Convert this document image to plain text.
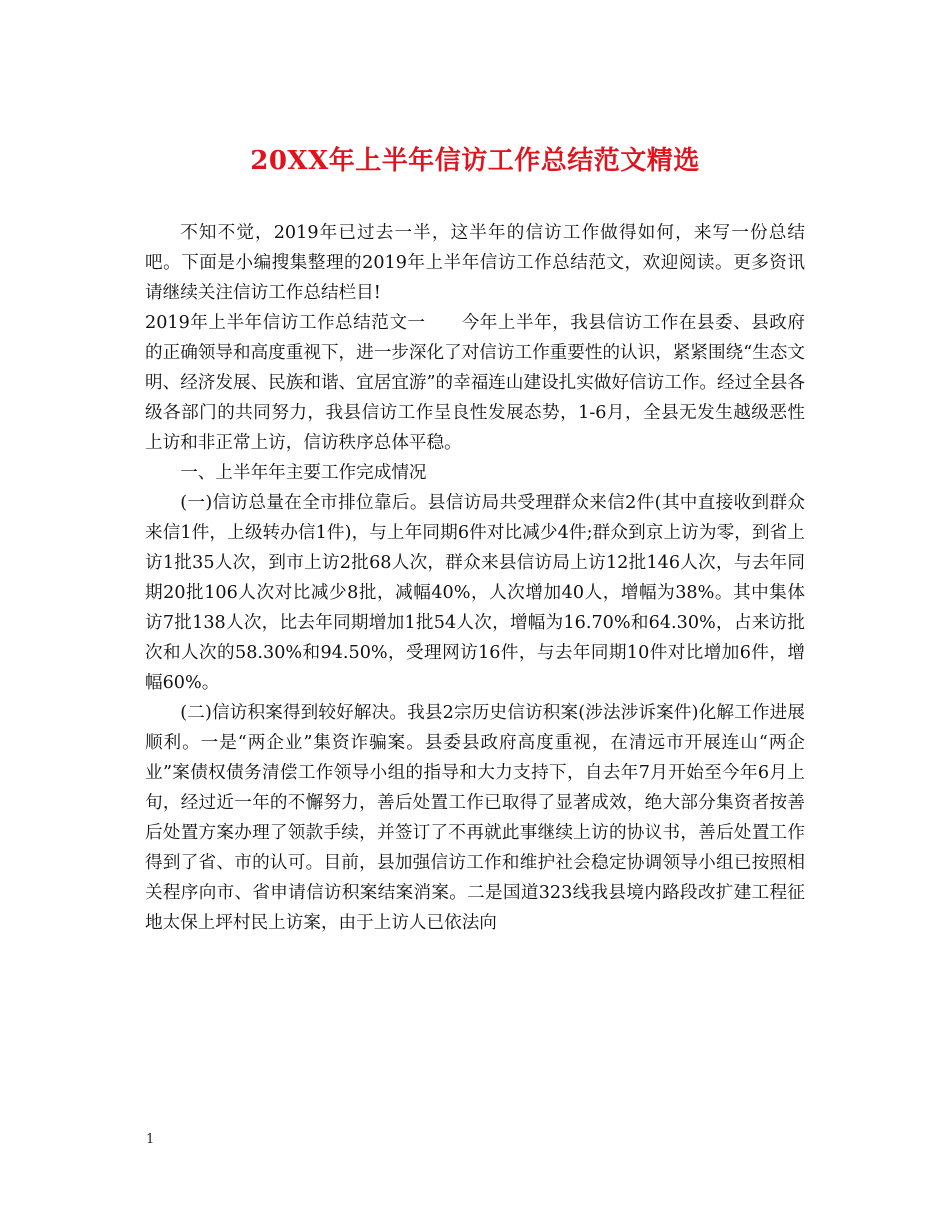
20XX年上半年信访工作总结范文精选

不知不觉，2019年已过去一半，这半年的信访工作做得如何，来写一份总结吧。下面是小编搜集整理的2019年上半年信访工作总结范文，欢迎阅读。更多资讯请继续关注信访工作总结栏目!

2019年上半年信访工作总结范文一　　今年上半年，我县信访工作在县委、县政府的正确领导和高度重视下，进一步深化了对信访工作重要性的认识，紧紧围绕“生态文明、经济发展、民族和谐、宜居宜游”的幸福连山建设扎实做好信访工作。经过全县各级各部门的共同努力，我县信访工作呈良性发展态势，1-6月，全县无发生越级恶性上访和非正常上访，信访秩序总体平稳。

一、上半年年主要工作完成情况

(一)信访总量在全市排位靠后。县信访局共受理群众来信2件(其中直接收到群众来信1件，上级转办信1件)，与上年同期6件对比减少4件;群众到京上访为零，到省上访1批35人次，到市上访2批68人次，群众来县信访局上访12批146人次，与去年同期20批106人次对比减少8批，减幅40%，人次增加40人，增幅为38%。其中集体访7批138人次，比去年同期增加1批54人次，增幅为16.70%和64.30%，占来访批次和人次的58.30%和94.50%，受理网访16件，与去年同期10件对比增加6件，增幅60%。

(二)信访积案得到较好解决。我县2宗历史信访积案(涉法涉诉案件)化解工作进展顺利。一是“两企业”集资诈骗案。县委县政府高度重视，在清远市开展连山“两企业”案债权债务清偿工作领导小组的指导和大力支持下，自去年7月开始至今年6月上旬，经过近一年的不懈努力，善后处置工作已取得了显著成效，绝大部分集资者按善后处置方案办理了领款手续，并签订了不再就此事继续上访的协议书，善后处置工作得到了省、市的认可。目前，县加强信访工作和维护社会稳定协调领导小组已按照相关程序向市、省申请信访积案结案消案。二是国道323线我县境内路段改扩建工程征地太保上坪村民上访案，由于上访人已依法向

1
